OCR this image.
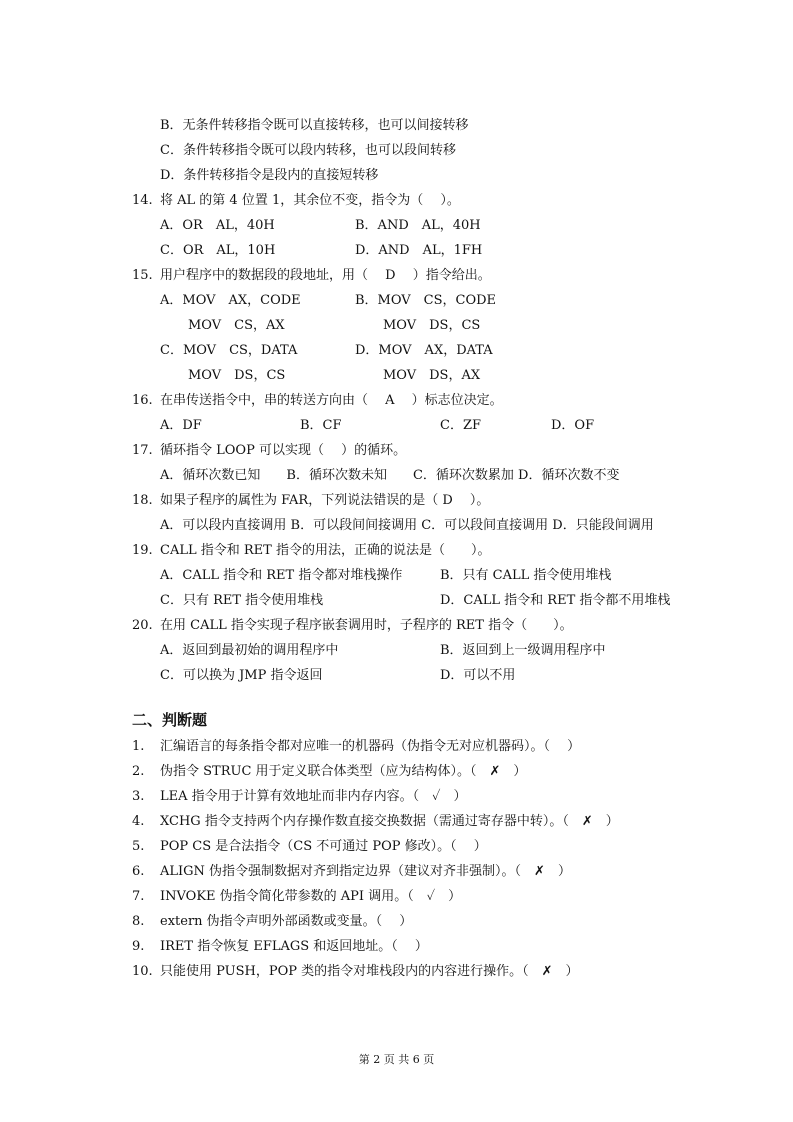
B．无条件转移指令既可以直接转移，也可以间接转移
C．条件转移指令既可以段内转移，也可以段间转移
D．条件转移指令是段内的直接短转移
14. 将 AL 的第 4 位置 1，其余位不变，指令为（　 ）。
A．OR　AL，40H	B．AND　AL，40H
C．OR　AL，10H	D．AND　AL，1FH
15. 用户程序中的数据段的段地址，用（　 D　 ）指令给出。
A．MOV　AX，CODE	B．MOV　CS，CODE
MOV　CS，AX	MOV　DS，CS
C．MOV　CS，DATA	D．MOV　AX，DATA
MOV　DS，CS	MOV　DS，AX
16. 在串传送指令中，串的转送方向由（　 A　 ）标志位决定。
A．DF	B．CF	C．ZF	D．OF
17. 循环指令 LOOP 可以实现（　 ）的循环。
A．循环次数已知　　B．循环次数未知　　C．循环次数累加 D．循环次数不变
18. 如果子程序的属性为 FAR，下列说法错误的是（ D　 ）。
A．可以段内直接调用 B．可以段间间接调用 C．可以段间直接调用 D．只能段间调用
19. CALL 指令和 RET 指令的用法，正确的说法是（　　）。
A．CALL 指令和 RET 指令都对堆栈操作	B．只有 CALL 指令使用堆栈
C．只有 RET 指令使用堆栈	D．CALL 指令和 RET 指令都不用堆栈
20. 在用 CALL 指令实现子程序嵌套调用时，子程序的 RET 指令（　　）。
A．返回到最初始的调用程序中	B．返回到上一级调用程序中
C．可以换为 JMP 指令返回	D．可以不用
二、判断题
1. 汇编语言的每条指令都对应唯一的机器码（伪指令无对应机器码）。（　 ）
2. 伪指令 STRUC 用于定义联合体类型（应为结构体）。（　✗　）
3. LEA 指令用于计算有效地址而非内存内容。（　✓　）
4. XCHG 指令支持两个内存操作数直接交换数据（需通过寄存器中转）。（　✗　）
5. POP CS 是合法指令（CS 不可通过 POP 修改）。（　 ）
6. ALIGN 伪指令强制数据对齐到指定边界（建议对齐非强制）。（　✗　）
7. INVOKE 伪指令简化带参数的 API 调用。（　✓　）
8. extern 伪指令声明外部函数或变量。（　 ）
9. IRET 指令恢复 EFLAGS 和返回地址。（　 ）
10. 只能使用 PUSH，POP 类的指令对堆栈段内的内容进行操作。（　✗　）
第 2 页 共 6 页
